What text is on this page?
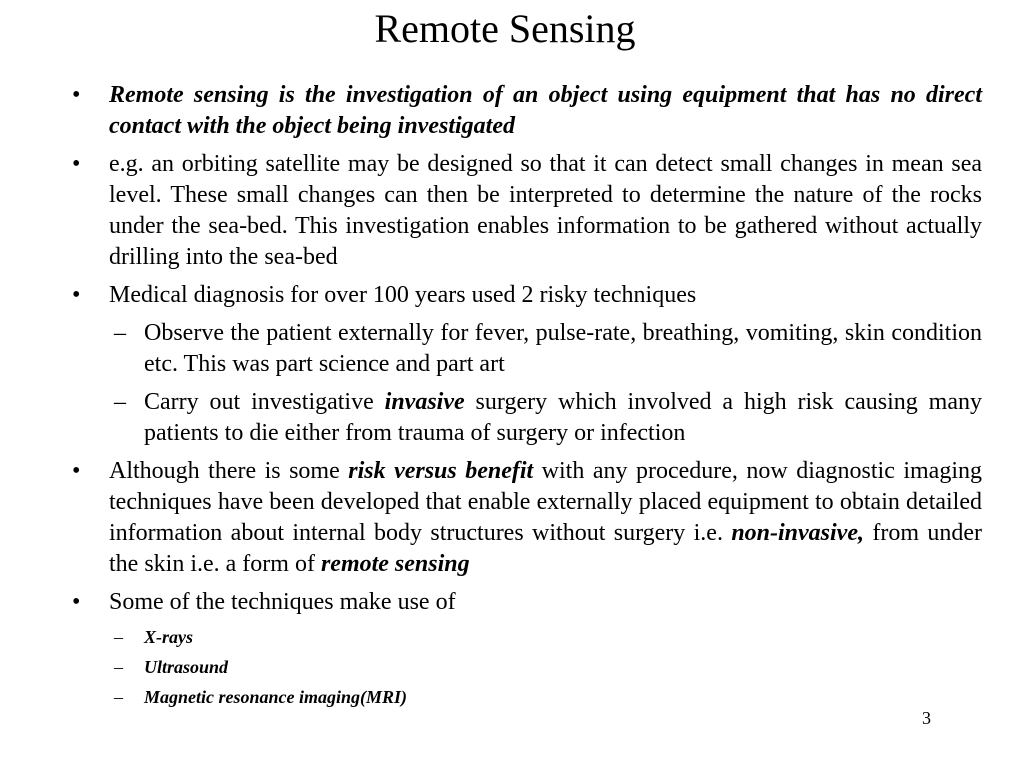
Remote Sensing
• Remote sensing is the investigation of an object using equipment that has no direct contact with the object being investigated
• e.g. an orbiting satellite may be designed so that it can detect small changes in mean sea level. These small changes can then be interpreted to determine the nature of the rocks under the sea-bed. This investigation enables information to be gathered without actually drilling into the sea-bed
• Medical diagnosis for over 100 years used 2 risky techniques
– Observe the patient externally for fever, pulse-rate, breathing, vomiting, skin condition etc. This was part science and part art
– Carry out investigative invasive surgery which involved a high risk causing many patients to die either from trauma of surgery or infection
• Although there is some risk versus benefit with any procedure, now diagnostic imaging techniques have been developed that enable externally placed equipment to obtain detailed information about internal body structures without surgery i.e. non-invasive, from under the skin i.e. a form of remote sensing
• Some of the techniques make use of
– X-rays
– Ultrasound
– Magnetic resonance imaging(MRI)
3
